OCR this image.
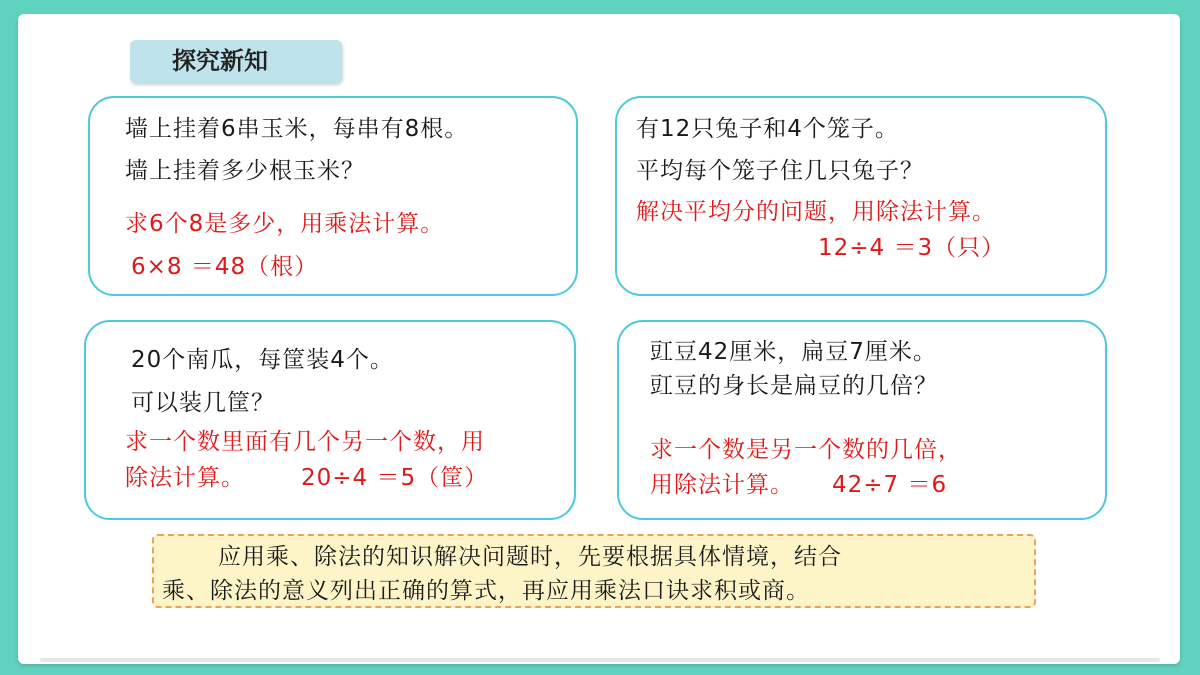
探究新知
墙上挂着6串玉米，每串有8根。
墙上挂着多少根玉米？
求6个8是多少，用乘法计算。
6×8 ＝48（根）
有12只兔子和4个笼子。
平均每个笼子住几只兔子？
解决平均分的问题，用除法计算。
12÷4 ＝3（只）
20个南瓜，每筐装4个。
可以装几筐？
求一个数里面有几个另一个数，用
除法计算。 20÷4 ＝5（筐）
豇豆42厘米，扁豆7厘米。
豇豆的身长是扁豆的几倍？
求一个数是另一个数的几倍，
用除法计算。 42÷7 ＝6
应用乘、除法的知识解决问题时，先要根据具体情境，结合
乘、除法的意义列出正确的算式，再应用乘法口诀求积或商。
